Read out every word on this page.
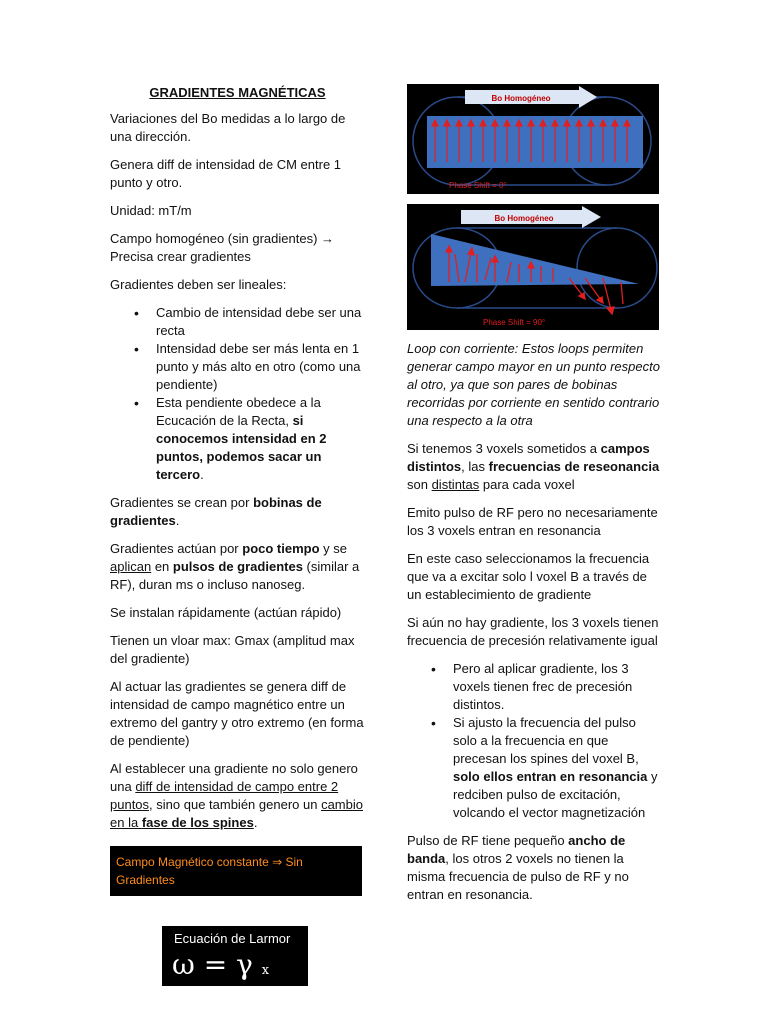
GRADIENTES MAGNÉTICAS

Variaciones del Bo medidas a lo largo de una dirección.

Genera diff de intensidad de CM entre 1 punto y otro.

Unidad: mT/m

Campo homogéneo (sin gradientes) → Precisa crear gradientes

Gradientes deben ser lineales:

• Cambio de intensidad debe ser una recta
• Intensidad debe ser más lenta en 1 punto y más alto en otro (como una pendiente)
• Esta pendiente obedece a la Ecucación de la Recta, si conocemos intensidad en 2 puntos, podemos sacar un tercero.

Gradientes se crean por bobinas de gradientes.

Gradientes actúan por poco tiempo y se aplican en pulsos de gradientes (similar a RF), duran ms o incluso nanoseg.

Se instalan rápidamente (actúan rápido)

Tienen un vloar max: Gmax (amplitud max del gradiente)

Al actuar las gradientes se genera diff de intensidad de campo magnético entre un extremo del gantry y otro extremo (en forma de pendiente)

Al establecer una gradiente no solo genero una diff de intensidad de campo entre 2 puntos, sino que también genero un cambio en la fase de los spines.

Campo Magnético constante ⇒ Sin Gradientes
Ecuación de Larmor
ω = γ x Bo
Bo Homogéneo
Phase Shift = $0^o$
Bo Homogéneo
Phase Shift = $90^o$

Loop con corriente: Estos loops permiten generar campo mayor en un punto respecto al otro, ya que son pares de bobinas recorridas por corriente en sentido contrario una respecto a la otra

Si tenemos 3 voxels sometidos a campos distintos, las frecuencias de reseonancia son distintas para cada voxel

Emito pulso de RF pero no necesariamente los 3 voxels entran en resonancia

En este caso seleccionamos la frecuencia que va a excitar solo l voxel B a través de un establecimiento de gradiente

Si aún no hay gradiente, los 3 voxels tienen frecuencia de precesión relativamente igual

• Pero al aplicar gradiente, los 3 voxels tienen frec de precesión distintos.
• Si ajusto la frecuencia del pulso solo a la frecuencia en que precesan los spines del voxel B, solo ellos entran en resonancia y redciben pulso de excitación, volcando el vector magnetización

Pulso de RF tiene pequeño ancho de banda, los otros 2 voxels no tienen la misma frecuencia de pulso de RF y no entran en resonancia.
